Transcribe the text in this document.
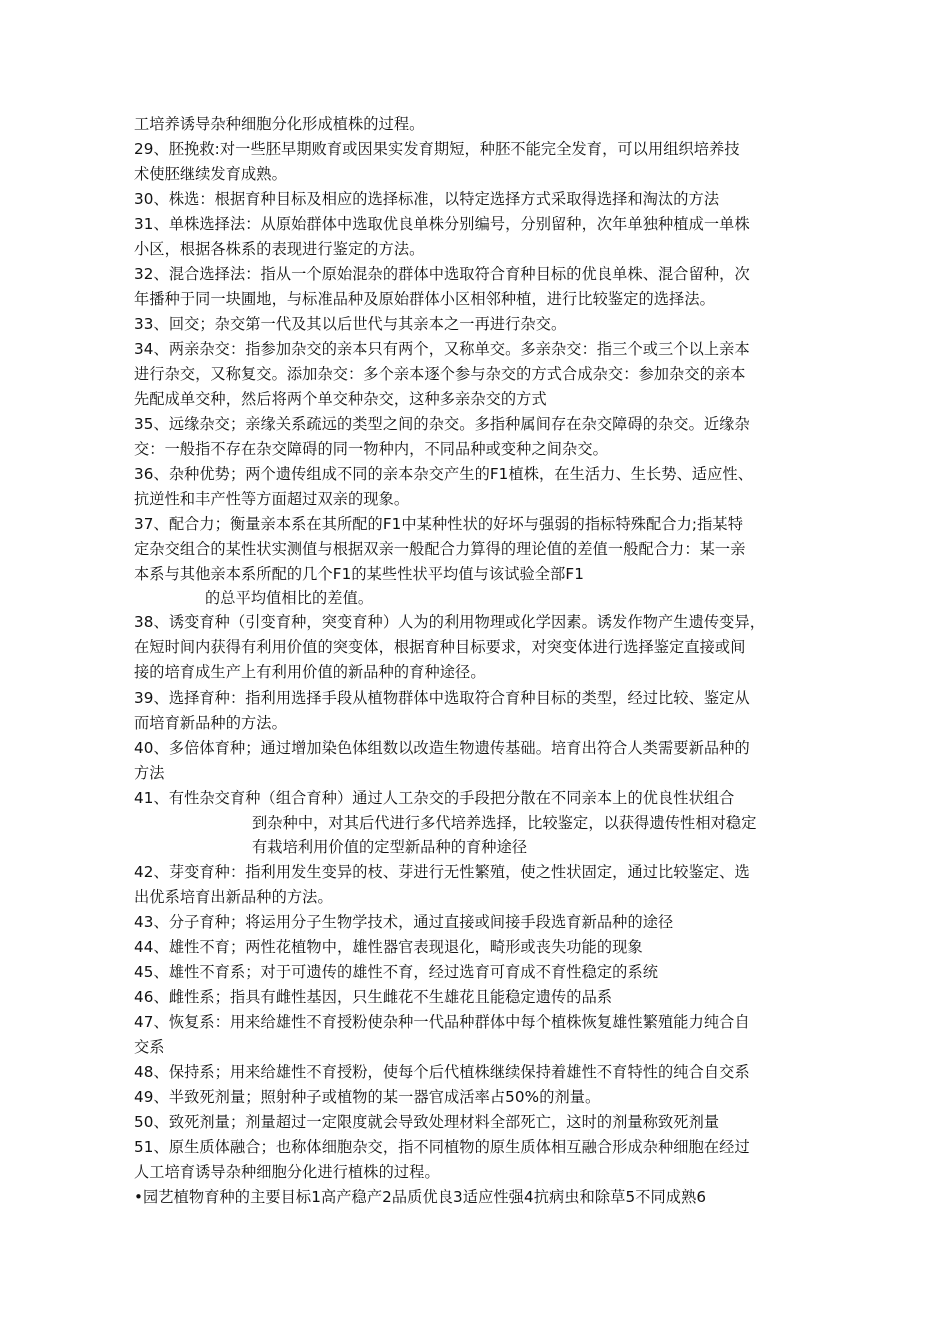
工培养诱导杂种细胞分化形成植株的过程。
29、胚挽救:对一些胚早期败育或因果实发育期短，种胚不能完全发育，可以用组织培养技
术使胚继续发育成熟。
30、株选：根据育种目标及相应的选择标准，以特定选择方式采取得选择和淘汰的方法
31、单株选择法：从原始群体中选取优良单株分别编号，分别留种，次年单独种植成一单株
小区，根据各株系的表现进行鉴定的方法。
32、混合选择法：指从一个原始混杂的群体中选取符合育种目标的优良单株、混合留种，次
年播种于同一块圃地，与标准品种及原始群体小区相邻种植，进行比较鉴定的选择法。
33、回交；杂交第一代及其以后世代与其亲本之一再进行杂交。
34、两亲杂交：指参加杂交的亲本只有两个，又称单交。多亲杂交：指三个或三个以上亲本
进行杂交，又称复交。添加杂交：多个亲本逐个参与杂交的方式合成杂交：参加杂交的亲本
先配成单交种，然后将两个单交种杂交，这种多亲杂交的方式
35、远缘杂交；亲缘关系疏远的类型之间的杂交。多指种属间存在杂交障碍的杂交。近缘杂
交：一般指不存在杂交障碍的同一物种内，不同品种或变种之间杂交。
36、杂种优势；两个遗传组成不同的亲本杂交产生的F1植株，在生活力、生长势、适应性、
抗逆性和丰产性等方面超过双亲的现象。
37、配合力；衡量亲本系在其所配的F1中某种性状的好坏与强弱的指标特殊配合力;指某特
定杂交组合的某性状实测值与根据双亲一般配合力算得的理论值的差值一般配合力：某一亲
本系与其他亲本系所配的几个F1的某些性状平均值与该试验全部F1
的总平均值相比的差值。
38、诱变育种（引变育种，突变育种）人为的利用物理或化学因素。诱发作物产生遗传变异，
在短时间内获得有利用价值的突变体，根据育种目标要求，对突变体进行选择鉴定直接或间
接的培育成生产上有利用价值的新品种的育种途径。
39、选择育种：指利用选择手段从植物群体中选取符合育种目标的类型，经过比较、鉴定从
而培育新品种的方法。
40、多倍体育种；通过增加染色体组数以改造生物遗传基础。培育出符合人类需要新品种的
方法
41、有性杂交育种（组合育种）通过人工杂交的手段把分散在不同亲本上的优良性状组合
到杂种中，对其后代进行多代培养选择，比较鉴定，以获得遗传性相对稳定
有栽培利用价值的定型新品种的育种途径
42、芽变育种：指利用发生变异的枝、芽进行无性繁殖，使之性状固定，通过比较鉴定、选
出优系培育出新品种的方法。
43、分子育种；将运用分子生物学技术，通过直接或间接手段选育新品种的途径
44、雄性不育；两性花植物中，雄性器官表现退化，畸形或丧失功能的现象
45、雄性不育系；对于可遗传的雄性不育，经过选育可育成不育性稳定的系统
46、雌性系；指具有雌性基因，只生雌花不生雄花且能稳定遗传的品系
47、恢复系：用来给雄性不育授粉使杂种一代品种群体中每个植株恢复雄性繁殖能力纯合自
交系
48、保持系；用来给雄性不育授粉，使每个后代植株继续保持着雄性不育特性的纯合自交系
49、半致死剂量；照射种子或植物的某一器官成活率占50%的剂量。
50、致死剂量；剂量超过一定限度就会导致处理材料全部死亡，这时的剂量称致死剂量
51、原生质体融合；也称体细胞杂交，指不同植物的原生质体相互融合形成杂种细胞在经过
人工培育诱导杂种细胞分化进行植株的过程。
•园艺植物育种的主要目标1高产稳产2品质优良3适应性强4抗病虫和除草5不同成熟6
